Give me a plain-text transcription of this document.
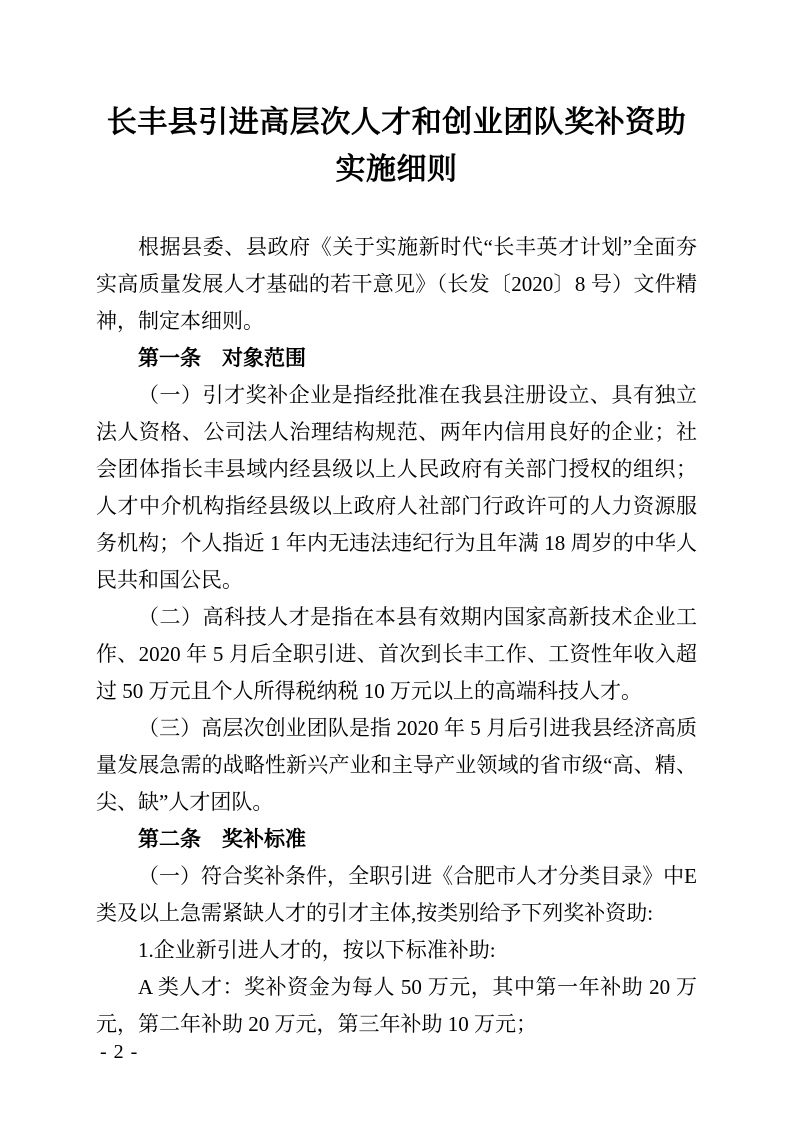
长丰县引进高层次人才和创业团队奖补资助
实施细则

根据县委、县政府《关于实施新时代“长丰英才计划”全面夯实高质量发展人才基础的若干意见》（长发〔2020〕8 号）文件精神，制定本细则。

第一条　对象范围

（一）引才奖补企业是指经批准在我县注册设立、具有独立法人资格、公司法人治理结构规范、两年内信用良好的企业；社会团体指长丰县域内经县级以上人民政府有关部门授权的组织；人才中介机构指经县级以上政府人社部门行政许可的人力资源服务机构；个人指近 1 年内无违法违纪行为且年满 18 周岁的中华人民共和国公民。

（二）高科技人才是指在本县有效期内国家高新技术企业工作、2020 年 5 月后全职引进、首次到长丰工作、工资性年收入超过 50 万元且个人所得税纳税 10 万元以上的高端科技人才。

（三）高层次创业团队是指 2020 年 5 月后引进我县经济高质量发展急需的战略性新兴产业和主导产业领域的省市级“高、精、尖、缺”人才团队。

第二条　奖补标准

（一）符合奖补条件，全职引进《合肥市人才分类目录》中E类及以上急需紧缺人才的引才主体,按类别给予下列奖补资助:

1.企业新引进人才的，按以下标准补助:

A 类人才：奖补资金为每人 50 万元，其中第一年补助 20 万元，第二年补助 20 万元，第三年补助 10 万元；

- 2 -
